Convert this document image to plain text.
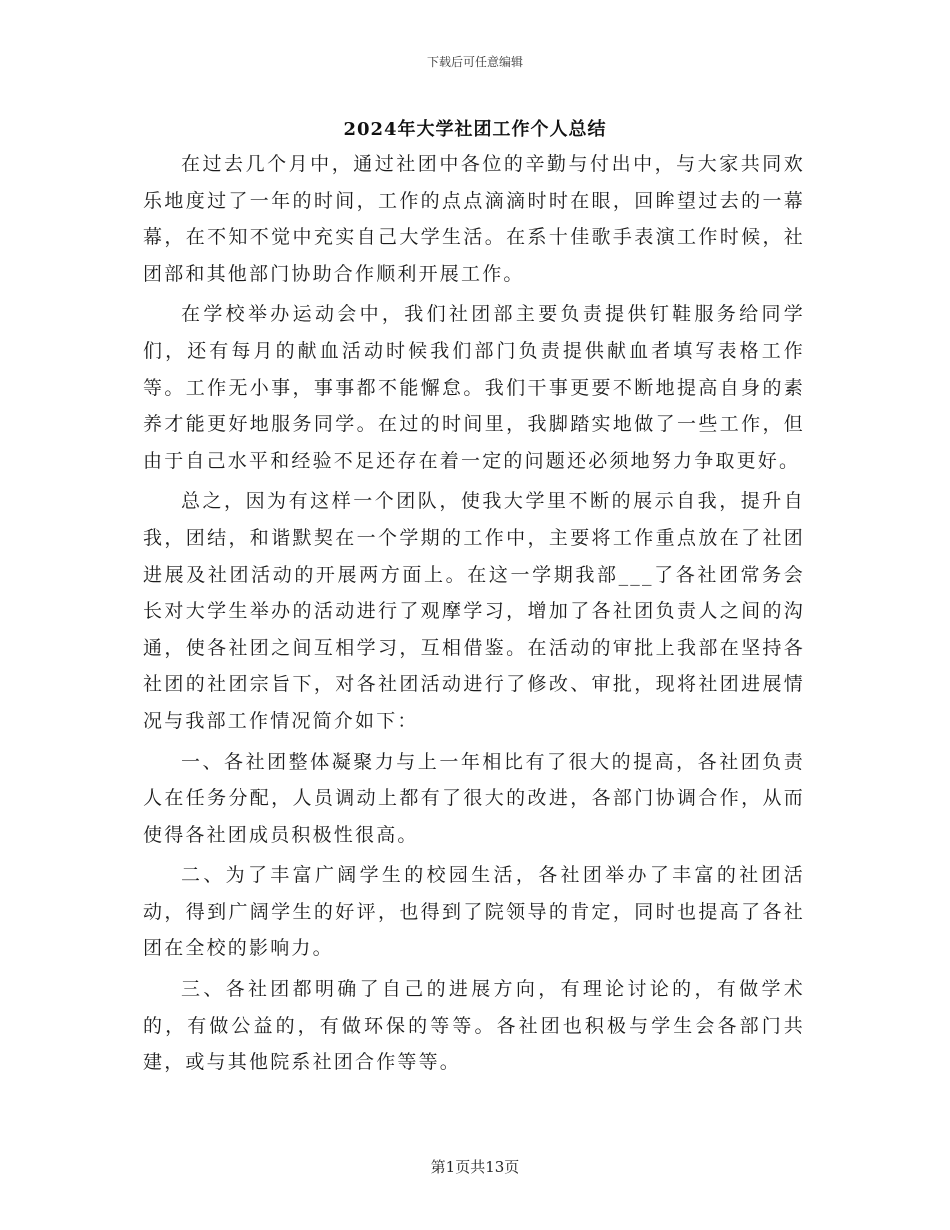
下载后可任意编辑
2024年大学社团工作个人总结

在过去几个月中，通过社团中各位的辛勤与付出中，与大家共同欢乐地度过了一年的时间，工作的点点滴滴时时在眼，回眸望过去的一幕幕，在不知不觉中充实自己大学生活。在系十佳歌手表演工作时候，社团部和其他部门协助合作顺利开展工作。

在学校举办运动会中，我们社团部主要负责提供钉鞋服务给同学们，还有每月的献血活动时候我们部门负责提供献血者填写表格工作等。工作无小事，事事都不能懈怠。我们干事更要不断地提高自身的素养才能更好地服务同学。在过的时间里，我脚踏实地做了一些工作，但由于自己水平和经验不足还存在着一定的问题还必须地努力争取更好。

总之，因为有这样一个团队，使我大学里不断的展示自我，提升自我，团结，和谐默契在一个学期的工作中，主要将工作重点放在了社团进展及社团活动的开展两方面上。在这一学期我部___了各社团常务会长对大学生举办的活动进行了观摩学习，增加了各社团负责人之间的沟通，使各社团之间互相学习，互相借鉴。在活动的审批上我部在坚持各社团的社团宗旨下，对各社团活动进行了修改、审批，现将社团进展情况与我部工作情况简介如下：

一、各社团整体凝聚力与上一年相比有了很大的提高，各社团负责人在任务分配，人员调动上都有了很大的改进，各部门协调合作，从而使得各社团成员积极性很高。

二、为了丰富广阔学生的校园生活，各社团举办了丰富的社团活动，得到广阔学生的好评，也得到了院领导的肯定，同时也提高了各社团在全校的影响力。

三、各社团都明确了自己的进展方向，有理论讨论的，有做学术的，有做公益的，有做环保的等等。各社团也积极与学生会各部门共建，或与其他院系社团合作等等。

第1页共13页
